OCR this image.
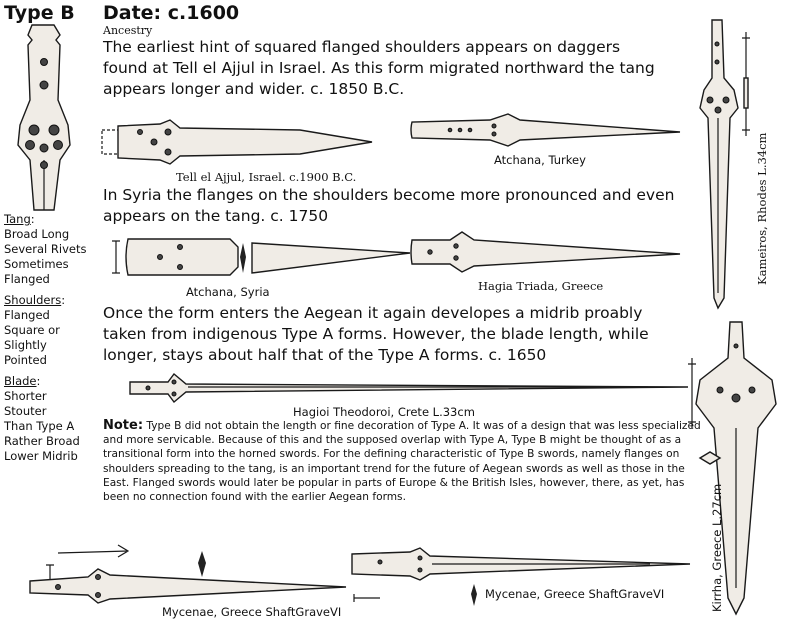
Type B Date: c.1600
Ancestry
The earliest hint of squared flanged shoulders appears on daggers found at Tell el Ajjul in Israel. As this form migrated northward the tang appears longer and wider. c. 1850 B.C.
In Syria the flanges on the shoulders become more pronounced and even appears on the tang. c. 1750
Once the form enters the Aegean it again developes a midrib proably taken from indigenous Type A forms. However, the blade length, while longer, stays about half that of the Type A forms. c. 1650
Tang:
Broad Long
Several Rivets
Sometimes
Flanged
Shoulders:
Flanged
Square or
Slightly
Pointed
Blade:
Shorter
Stouter
Than Type A
Rather Broad
Lower Midrib
Tell el Ajjul, Israel. c.1900 B.C.
Atchana, Turkey
Atchana, Syria	Hagia Triada, Greece
Hagioi Theodoroi, Crete L.33cm
Note: Type B did not obtain the length or fine decoration of Type A. It was of a design that was less specialized and more servicable. Because of this and the supposed overlap with Type A, Type B might be thought of as a transitional form into the horned swords. For the defining characteristic of Type B swords, namely flanges on shoulders spreading to the tang, is an important trend for the future of Aegean swords as well as those in the East. Flanged swords would later be popular in parts of Europe & the British Isles, however, there, as yet, has been no connection found with the earlier Aegean forms.
Kameiros, Rhodes L.34cm
Kirrha, Greece L.27cm
Mycenae, Greece ShaftGraveVI
Mycenae, Greece ShaftGraveVI
